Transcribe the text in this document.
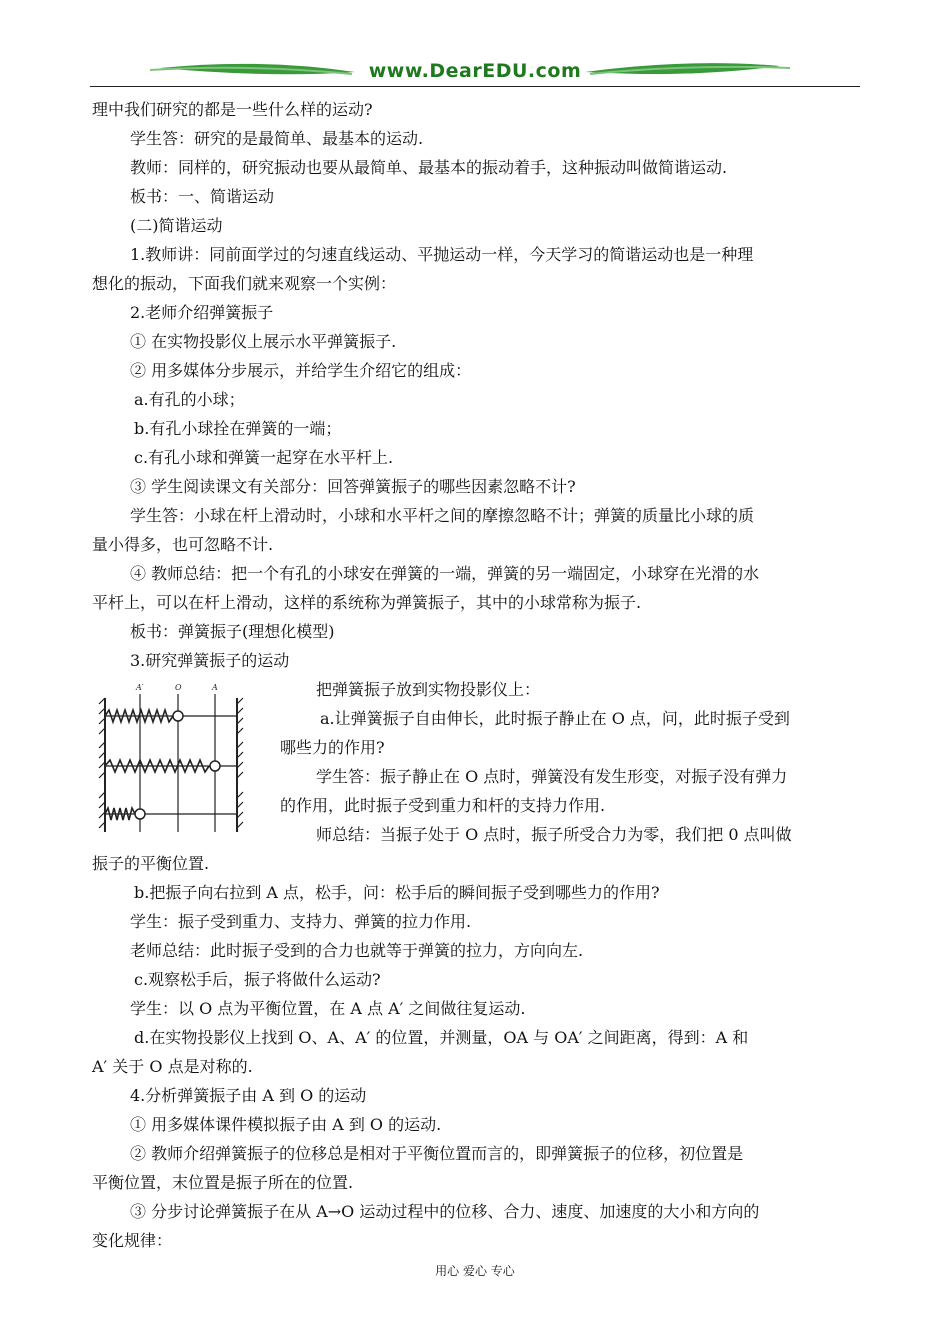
www.DearEDU.com
理中我们研究的都是一些什么样的运动?
学生答：研究的是最简单、最基本的运动.
教师：同样的，研究振动也要从最简单、最基本的振动着手，这种振动叫做简谐运动.
板书：一、简谐运动
(二)简谐运动
1.教师讲：同前面学过的匀速直线运动、平抛运动一样，今天学习的简谐运动也是一种理
想化的振动，下面我们就来观察一个实例：
2.老师介绍弹簧振子
① 在实物投影仪上展示水平弹簧振子.
② 用多媒体分步展示，并给学生介绍它的组成：
a.有孔的小球；
b.有孔小球拴在弹簧的一端；
c.有孔小球和弹簧一起穿在水平杆上.
③ 学生阅读课文有关部分：回答弹簧振子的哪些因素忽略不计?
学生答：小球在杆上滑动时，小球和水平杆之间的摩擦忽略不计；弹簧的质量比小球的质
量小得多，也可忽略不计.
④ 教师总结：把一个有孔的小球安在弹簧的一端，弹簧的另一端固定，小球穿在光滑的水
平杆上，可以在杆上滑动，这样的系统称为弹簧振子，其中的小球常称为振子.
板书：弹簧振子(理想化模型)
3.研究弹簧振子的运动
把弹簧振子放到实物投影仪上：
a.让弹簧振子自由伸长，此时振子静止在 O 点，问，此时振子受到
哪些力的作用?
学生答：振子静止在 O 点时，弹簧没有发生形变，对振子没有弹力
的作用，此时振子受到重力和杆的支持力作用.
师总结：当振子处于 O 点时，振子所受合力为零，我们把 0 点叫做
振子的平衡位置.
b.把振子向右拉到 A 点，松手，问：松手后的瞬间振子受到哪些力的作用?
学生：振子受到重力、支持力、弹簧的拉力作用.
老师总结：此时振子受到的合力也就等于弹簧的拉力，方向向左.
c.观察松手后，振子将做什么运动?
学生：以 O 点为平衡位置，在 A 点 A′ 之间做往复运动.
d.在实物投影仪上找到 O、A、A′ 的位置，并测量，OA 与 OA′ 之间距离，得到：A 和
A′ 关于 O 点是对称的.
4.分析弹簧振子由 A 到 O 的运动
① 用多媒体课件模拟振子由 A 到 O 的运动.
② 教师介绍弹簧振子的位移总是相对于平衡位置而言的，即弹簧振子的位移，初位置是
平衡位置，末位置是振子所在的位置.
③ 分步讨论弹簧振子在从 A→O 运动过程中的位移、合力、速度、加速度的大小和方向的
变化规律：
A′	O	A
用心 爱心 专心
